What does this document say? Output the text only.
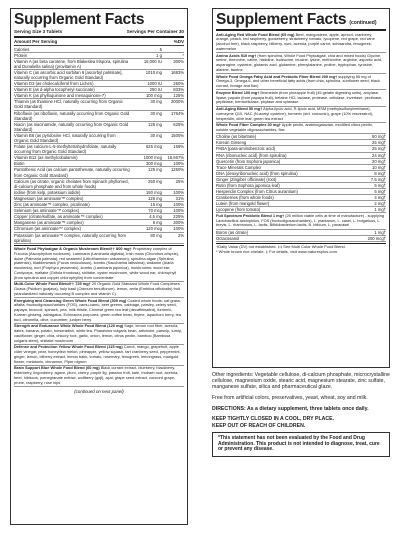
Supplement Facts
Serving Size 3 Tablets	Servings Per Container 30
Amount Per Serving	%DV
Calories	5
Protein	1 g	*
Vitamin A (as beta carotene, from Blakeslea trispora, spirulina and Dunaliella salina) (provitamin A)
15,000 IU	300%
Vitamin C (as ascorbic acid sorbitan 6 [ascorbyl palmitate], naturally occurring from Organic Gold Standard)
1010 mg	1683%
Vitamin D3 (as cholecalciferol from Lichen)	1000 IU	250%
Vitamin E (as d-alpha tocopheryl succinate)	250 IU	833%
Vitamin K (as phylloquinone and menaquinone-7)	100 mcg	125%
Thiamin (as thiamine HCl, naturally occurring from Organic Gold Standard)
30 mg	2000%
Riboflavin (as riboflavin, naturally occurring from Organic Gold Standard)
30 mg	1764%
Niacin (as niacinamide, naturally occurring from Organic Gold Standard)
125 mg	625%
Vitamin B6 (as pyridoxine HCl, naturally occurring from Organic Gold Standard)
30 mg	1500%
Folate (as calcium-L-5-methyltetrahydrofolate, naturally occurring from Organic Gold Standard)
625 mcg	156%
Vitamin B12 (as methylcobalamin)	1000 mcg	16,667%
Biotin	300 mcg	100%
Pantothenic Acid (as calcium pantothenate, naturally occurring from Organic Gold Standard)
125 mg	1250%
Calcium (as citrate, organic chelates from Spinach phyllomed, di-calcium phosphate and from whole foods)
250 mg	25%
Iodine (from kelp, potassium iodide)	150 mcg	100%
Magnesium (as aminoate™ complex)	125 mg	31%
Zinc (as aminoate™ complex, picolinate)	15 mg	100%
Selenium (as aminoate™ complex)	70 mcg	100%
Copper (citrate/sulfate, as aminoate™ complex)	4.5 mg	225%
Manganese (as aminoate™ complex)	6 mg	300%
Chromium (as aminoate™ complex)	120 mcg	100%
Potassium (as aminoate™ complex, naturally occurring from spirulina)
80 mg	2%
Whole Food Phytoalgae & Organic Mushroom Blend†† 800 mg† Proprietary complex of Fucoxia (Ascophyllum nodosum), Laminaria (Laminaria digitata), Irish moss (Chondrus crispus), dulse (Palmaria palmata), red seaweed (Lithothamnion calcareum), spirulina algae (Spirulina platensis), bladderwrack (Fucus vesiculosus), kombu (Saccharina latissima), wakame (Alaria esculenta), nori (Porphyra yezoensis), kombu (Laminaria japonica), mushrooms: wood ear, Cordyceps, maitake (Grifola frondosa), shiitake, oyster mushroom, white wood ear, chlorophyll (from spirulina and copper chlorophyllin) from concentrate
Multi-Color Whole Food Blend†† 725 mg† 20 Organic Gold Standard Whole Food Complexes - Guava (Psidium guajava), holy basil (Ocimum tenuiflorum), lemon, amla (Emblica officinalis) fruit (standardized naturally occurring B complex and vitamin C)
Energizing and Cleansing Green Whole Food Blend (300 mg) Coated whole foods: oat grass, alfalfa, fructooligosaccharides (FOS), camu-camu, beet greens, cabbage, parsley, celery seed, papaya, broccoli, spinach, pea, milk thistle, Chinese green tea leaf (decaffeinated), turmeric, Korean ginseng, astragalus, Echinacea purpurea, green coffee bean, thyme, lapachoro berry, tea bud, citronella, olive, cucumber, juniper berry
Strength and Endurance White Whole Food Blend (120 mg) Sage, lemon root fiber, acerola, dates, banana, potato, horseradish, white tea, Phaseolus vulgaris bean, artichoke, parsnip, turnip, cauliflower, ginger, chia, chicory root, garlic, onion, lemon, citrus pectin, bamboo (Bambusa vulgaris stem), shiitake mushroom
Defense and Protection Yellow Whole Food Blend (115 mg) Carrot, mango, grapefruit, apple cider vinegar, pear, honeydew melon, pineapple, yellow squash, tart cranberry seed, peppermint, ginger, lemon, bilberry extract, lemon balm, tomato, rosemary, fenugreek, lemongrass, marigold flower, melatonin, cinnamon, Piper nigrum
Brain Support Blue Whole Food Blend (60 mg) Black currant extract, blueberry, blackberry, elderberry, lingonberry, agave, plum, cherry, purple fig, passion fruit, kale, rhubarb root, acerola, beet, hibiscus, pomegranate extract, wolfberry (goji), açai, grape seed extract, concord grape, prune, raspberry, rose hips
(continued on next panel)
Supplement Facts (continued)
Anti-Aging Red Whole Food Blend (65 mg) Beet, mangosteen, apple, apricot, cranberry, orange, peach, red raspberry, gooseberry, strawberry, tomato, lycopene, red grape, red wine (alcohol free), black raspberry, bilberry, noni, acerola, purple carrot, schisandra, fenugreek, watermelon
Amino Acids 510 mg† (from spirulina, Whole Food Phytoalgae, chia and mixed foods) Glycine, serine, threonine, valine, histidine, isoleucine, leucine, lysine, methionine, arginine, aspartic acid, asparagine, cysteine, glutamic acid, glutamine, phenylalanine, proline, tryptophan, tyrosine, alanine, taurine
Whole Food Omega Fatty Acid and Prebiotic Fiber Blend 200 mg† supplying 55 mg of Omega-3, Omega-6, and other beneficial fatty acids (from chia, spirulina, sunflower seed, black currant, borage and flax)
Enzyme Blend 100 mg† Bromelain (from pineapple fruit) (45 gelatin digesting units), amylase, lipase, papain (from papaya fruit), betaine HCl, lactase, protease, cellulase, invertase, pectinase, peptidase, hemicellulase, phytase and xylanase
Anti-Aging Blend 50 mg† Alpha-lipoic acid, R-lipoic acid, MSM (methylsulfonylmethane), coenzyme Q10, NAC (N-acetyl cysteine), turmeric (std. curcumin), grape (10% resveratrol), hesperidin, olive leaf, green tea extract
Whole Food Fiber Complex 30 mg† Apple pectin, arabinogalactan, modified citrus pectin, soluble vegetable oligosaccharides, flax
Choline (as bitartrate)	50 mg†
Korean Ginseng	25 mg†
PABA (para-aminobenzoic acid)	25 mg†
RNA (ribonucleic acid) (from spirulina)	24 mg†
Quercetin (from Sophora japonica)	20 mg†
Trace Minerals Complex	10 mg†
DNA (deoxyribonucleic acid) (from spirulina)	8 mg†
Ginger (Zingiber officinale) (root)	7.5 mg†
Rutin (from Sophora japonica leaf)	5 mg†
Hesperidin Complex (from Citrus aurantium)	5 mg†
Cranberries (from whole foods)	4 mg†
Lutein (from marigold flower)	2 mg†
Lycopene (from tomato)	1 mg†
Full Spectrum Probiotic Blend 1 mg† (25 million viable cells at time of manufacture) - supplying Lactobacillus acidophilus, FOS (fructooligosaccharides), L. plantarum, L. casei, L. bulgaricus, L. brevis, L. rhamnosus, L. lactis, Bifidobacterium lactis, B. bifidum, L. paracasei
Boron (as citrate)	1 mg†
Octacosanol	200 mcg†
†Daily Value (DV) not established. ‡‡ See Multi Color Whole Food Blend.
* Whole brown rice chelate. ‡ For details, visit www.naturesplus.com.
Other ingredients: Vegetable cellulose, di-calcium phosphate, microcrystalline cellulose, magnesium oxide, stearic acid, magnesium stearate, zinc sulfate, manganese sulfate, silica and pharmaceutical glaze.
Free from artificial colors, preservatives, yeast, wheat, soy and milk.
DIRECTIONS: As a dietary supplement, three tablets once daily.
KEEP TIGHTLY CLOSED IN A COOL, DRY PLACE.
KEEP OUT OF REACH OF CHILDREN.
*This statement has not been evaluated by the Food and Drug Administration. This product is not intended to diagnose, treat, cure or prevent any disease.
